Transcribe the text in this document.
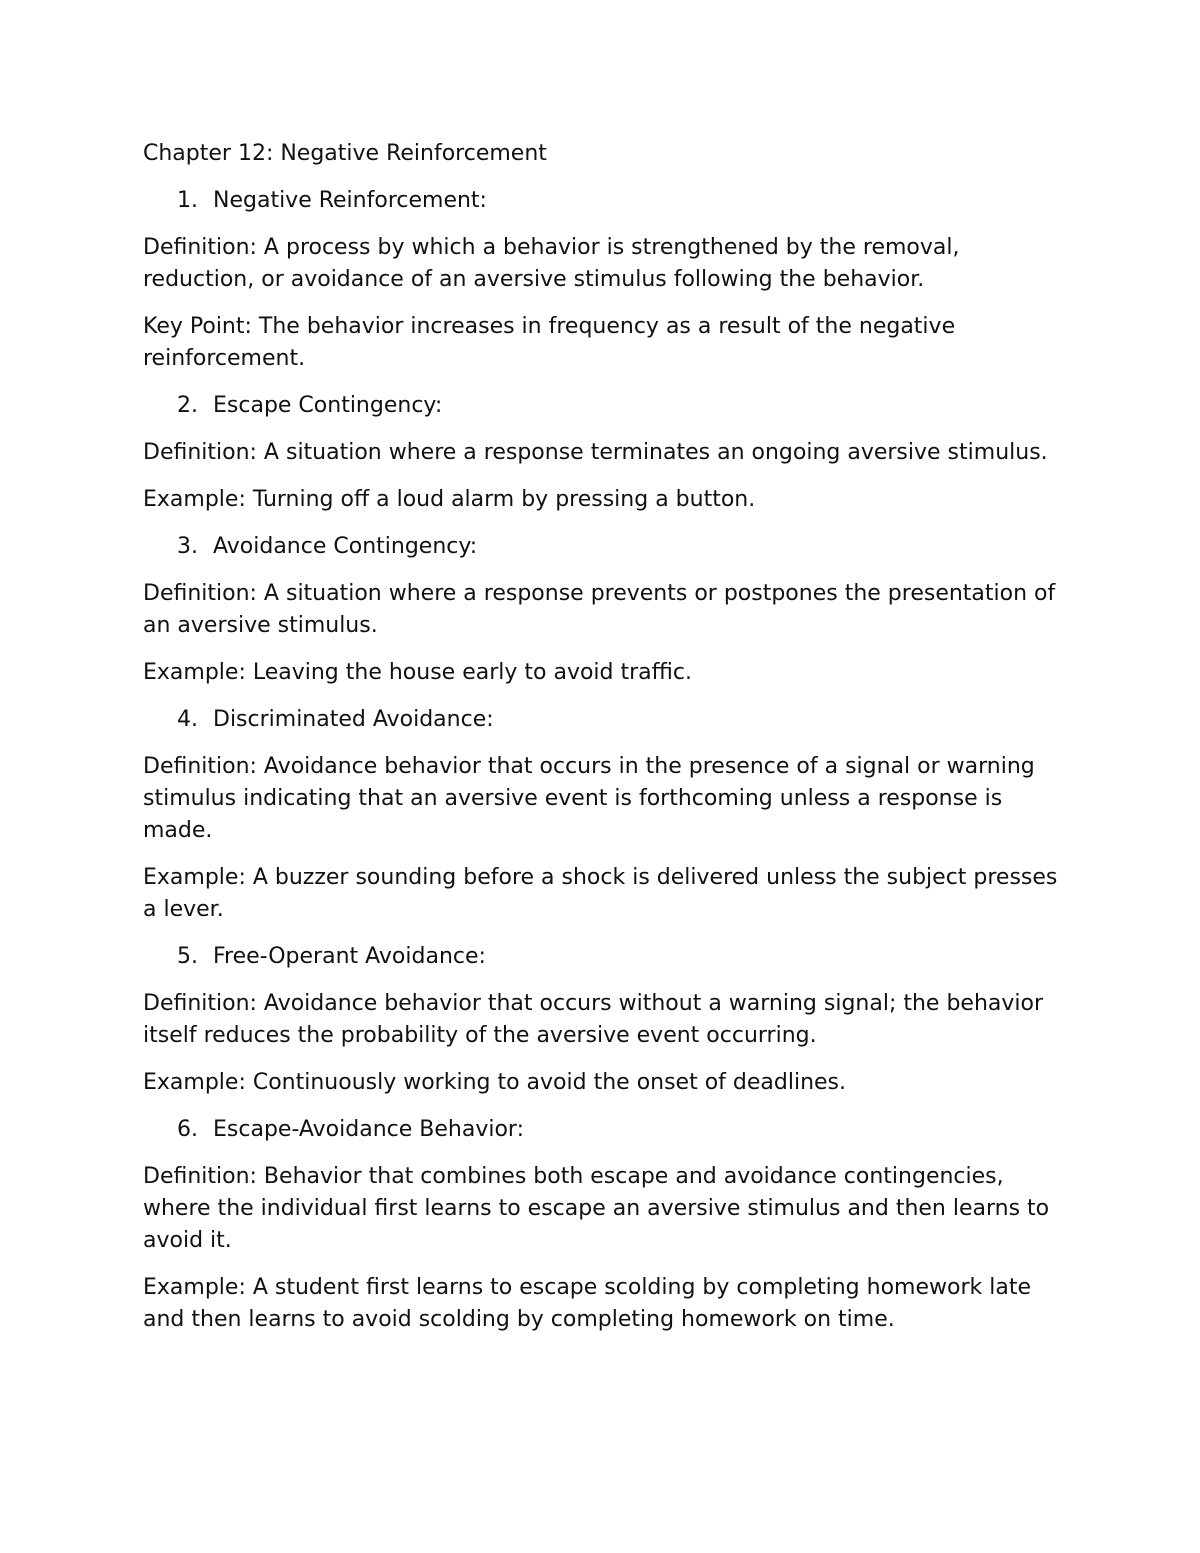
Chapter 12: Negative Reinforcement
1. Negative Reinforcement:

Definition: A process by which a behavior is strengthened by the removal, reduction, or avoidance of an aversive stimulus following the behavior.

Key Point: The behavior increases in frequency as a result of the negative reinforcement.

2. Escape Contingency:

Definition: A situation where a response terminates an ongoing aversive stimulus.

Example: Turning off a loud alarm by pressing a button.

3. Avoidance Contingency:

Definition: A situation where a response prevents or postpones the presentation of an aversive stimulus.

Example: Leaving the house early to avoid traffic.

4. Discriminated Avoidance:

Definition: Avoidance behavior that occurs in the presence of a signal or warning stimulus indicating that an aversive event is forthcoming unless a response is made.

Example: A buzzer sounding before a shock is delivered unless the subject presses a lever.

5. Free-Operant Avoidance:

Definition: Avoidance behavior that occurs without a warning signal; the behavior itself reduces the probability of the aversive event occurring.

Example: Continuously working to avoid the onset of deadlines.

6. Escape-Avoidance Behavior:

Definition: Behavior that combines both escape and avoidance contingencies, where the individual first learns to escape an aversive stimulus and then learns to avoid it.

Example: A student first learns to escape scolding by completing homework late and then learns to avoid scolding by completing homework on time.
